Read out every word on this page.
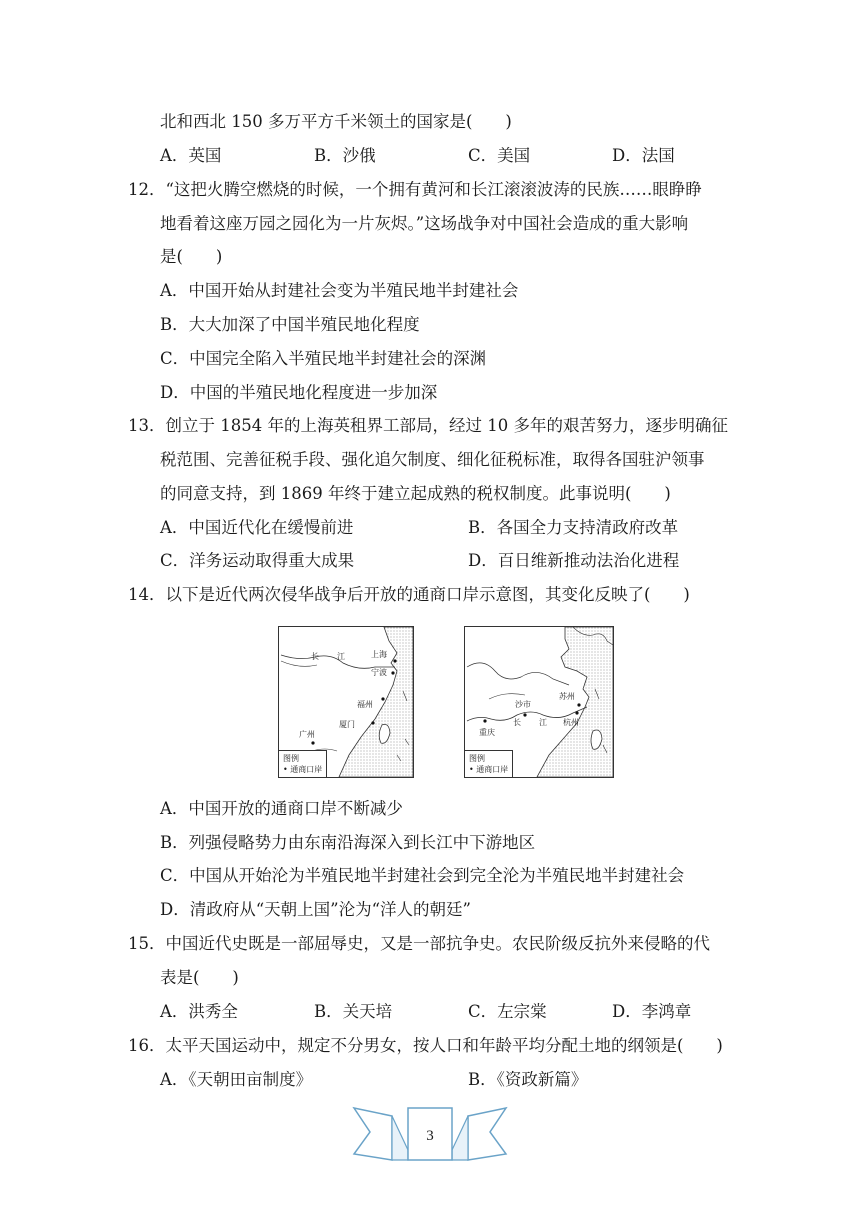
北和西北 150 多万平方千米领土的国家是(　　)
A．英国	B．沙俄	C．美国	D．法国
12．“这把火腾空燃烧的时候，一个拥有黄河和长江滚滚波涛的民族……眼睁睁
地看着这座万园之园化为一片灰烬。”这场战争对中国社会造成的重大影响
是(　　)
A．中国开始从封建社会变为半殖民地半封建社会
B．大大加深了中国半殖民地化程度
C．中国完全陷入半殖民地半封建社会的深渊
D．中国的半殖民地化程度进一步加深
13．创立于 1854 年的上海英租界工部局，经过 10 多年的艰苦努力，逐步明确征
税范围、完善征税手段、强化追欠制度、细化征税标准，取得各国驻沪领事
的同意支持，到 1869 年终于建立起成熟的税权制度。此事说明(　　)
A．中国近代化在缓慢前进	B．各国全力支持清政府改革
C．洋务运动取得重大成果	D．百日维新推动法治化进程
14．以下是近代两次侵华战争后开放的通商口岸示意图，其变化反映了(　　)
上海
宁波
长 江
福州
厦门
广州
图例
• 通商口岸
苏州
沙市
长 江 杭州
重庆
图例
• 通商口岸
A．中国开放的通商口岸不断减少
B．列强侵略势力由东南沿海深入到长江中下游地区
C．中国从开始沦为半殖民地半封建社会到完全沦为半殖民地半封建社会
D．清政府从“天朝上国”沦为“洋人的朝廷”
15．中国近代史既是一部屈辱史，又是一部抗争史。农民阶级反抗外来侵略的代
表是(　　)
A．洪秀全	B．关天培	C．左宗棠	D．李鸿章
16．太平天国运动中，规定不分男女，按人口和年龄平均分配土地的纲领是(　　)
A．《天朝田亩制度》	B．《资政新篇》
3
